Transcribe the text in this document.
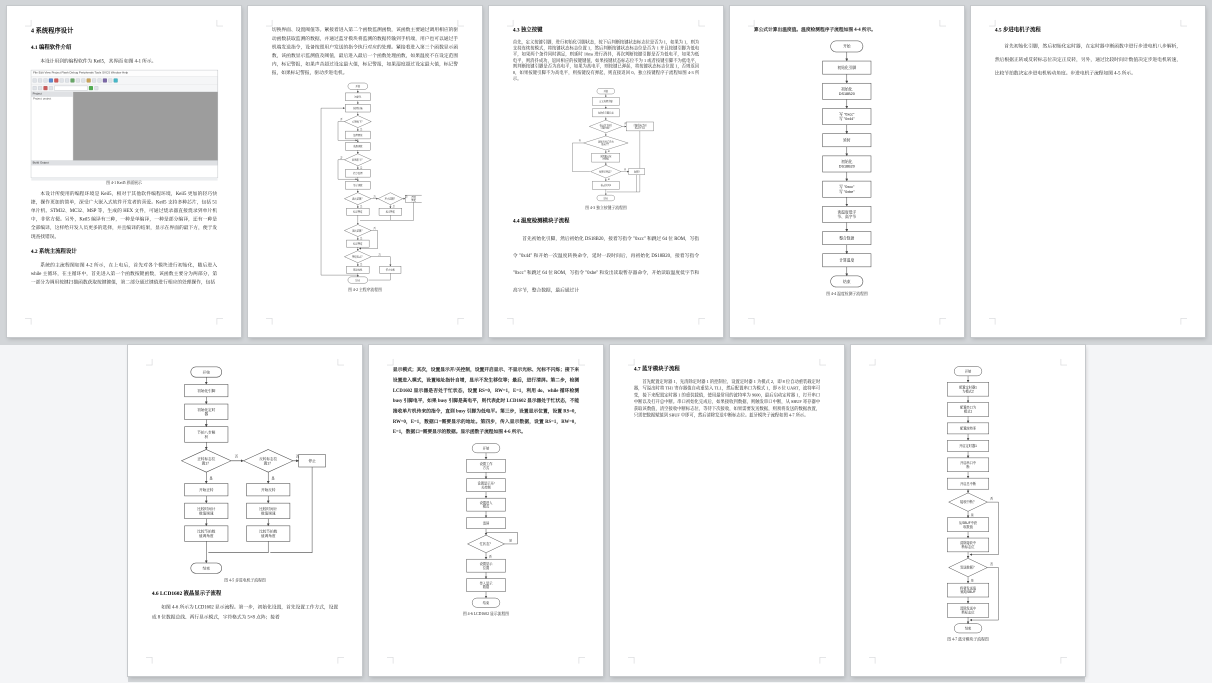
4 系统程序设计
4.1 编程软件介绍

本设计用到的编程软件为 Keil5，其界面 如图 4-1 所示。

File Edit View Project Flash Debug Peripherals Tools SVCS Window Help
Project
Project: project
Build Output
图 4-1 Keil5 界面展示

本设计所使用的编程环境是 Keil5，相对于其他软件编程环境，Keil5 更加的轻巧快捷，操作更加的简单，深受广大嵌入式软件开发者的喜爱。Keil5 支持多种芯片，包括 51 单片机、STM32、MC32、MSP 等，生成的 HEX 文件，可通过烧录器直接烧录到单片机中，非常方便。另外，Keil5 编译有三种，一种是单编译，一种是部分编译，还有一种是全部编译，这样给开发人员更多的选择，并且编译的结果，显示在界面的最下方，便于发现查找错误。

4.2 系统主流程设计

系统的主流程图如图 4-2 所示，在上电后，首先对各个模块进行初始化，随后进入 while 主循环，在主循环中，首先进入第一个函数按键函数，该函数主要分为两部分，第一部分为调用按键扫描函数获取按键键值，第二部分通过键值进行相应的处理操作，包括

切换界面、设置阈值等。紧接着进入第二个函数监测函数，该函数主要通过调用相应的驱动函数获取监测的数据，并通过蓝牙模块将监测的数据传输到手机端，用户也可以通过手机端发送指令，设备按照用户发送的指令执行对应的处理。紧接着进入第三个函数显示函数，该函数显示监测值及阈值，最后进入最后一个函数处理函数，如果温度不在设定范围内，标记警报，如果声音超过设定最大值，标记警报，如果湿度超过设定最大值，标记警报，如果标记警报，驱动步进电机。

开始
初始化
按键扫描
有键按下？
处理键值
监测函数
收到指令？
指令处理
显示函数
温度超限？
标记警报
声音超限？
标记警报
清除警报
湿度超限？
标记警报
警报标志？
驱动电机	停止电机
结束
否
是
否
是
否
是
否
是
否
是
否
是
图 4-2 主程序流程图
4.3 独立按键

首先，定义按键引脚，进行初始化引脚状态，按下后判断按键状态标志位是否为 1，如果为 1，则为支持连续按模式，将按键状态标志位置 1，然后判断按键状态标志位是否为 1 并且按键引脚为低电平，如果两个条件同时满足，则延时 10ms 进行消抖，再次判断按键引脚是否为低电平，如果为低电平，则消抖成功，返回相应的按键键值，如果按键状态标志位不为 1 或者按键引脚不为低电平，则判断按键引脚是否为高电平，如果为高电平，则按键已弹起，将按键状态标志位置 1，否则返回 0，如果按键引脚不为高电平，则按键没有弹起，则直接返回 0。独立按键程序子流程如图 4-3 所示。

开始
定义按键引脚
初始化引脚状态
标志位为1且引脚为低？
引脚高电平则标志位置1
延时消抖后仍为低电平？
返回相应按键键值
按键已弹起？
标志位置1
返回0
结束
否
是
否
是
否
图 4-3 独立按键子流程图
4.4 温度检测模块子流程

首先初始化引脚，然后初始化 DS18B20，接着写指令 "0xcc" 和跳过 64 位 ROM，写指令 "0x44" 和开始一次温度转换命令，延时一段时间后，再初始化 DS18B20，接着写指令 "0xcc" 和跳过 64 位 ROM，写指令 "0xbe" 和发出读取暂存器命令，开始读取温度低字节和高字节，整合数据，最后通过计

算公式计算出温度值。温度检测程序子流程如图 4-4 所示。

开始
初始化引脚
初始化 DS18B20
写 "0xcc"写 "0x44"
延时
初始化 DS18B20
写 "0xcc"写 "0xbe"
读温度低字节、高字节
整合数据
计算温度
结束
图 4-4 温度检测子流程图
4.5 步进电机子流程

首先初始化引脚，然后初始化定时器，在定时器中断函数中进行步进电机八步解析，然后根据正转或反转标志位决定正反转，另外，通过比较时间计数值决定步进电机转速，比较节拍数决定步进电机转动角度。步进电机子流程如图 4-5 所示。

开始
初始化引脚
初始化定时器
节拍八步解析
正转标志位置1？
反转标志位置1？
停止
开始正转	开始反转
比较时间计数值调速
比较时间计数值调速
比较节拍数值调角度
比较节拍数值调角度
结束
否
是
否
是
图 4-5 步进电机子流程图
4.6 LCD1602 液晶显示子流程

如图 4-6 所示为 LCD1602 显示流程。第一步，初始化设置，首先设置工作方式，设置成 8 位数据总线、两行显示模式，字符格式为 5×8 点阵；接着

显示模式；其次，设置显示开/关控制，设置开启显示、不显示光标、光标不闪烁；接下来设置进入模式，设置地址指针自增，显示不发生移位等；最后，进行清屏。第二步，检测 LCD1602 显示器是否处于忙状态，设置 RS=0，RW=1，E=1，利用 do、while 循环检测 busy 引脚电平，如果 busy 引脚是高电平，则代表此时 LCD1602 显示器处于忙状态，不能接收单片机传来的指令，直到 busy 引脚为低电平。第三步，设置显示位置，设置 RS=0，RW=0，E=1，数据口=需要显示的地址。第四步，传入显示数据，设置 RS=1，RW=0，E=1，数据口=需要显示的数据。显示函数子流程如图 4-6 所示。

开始
设置工作方式
设置显示开/关控制
设置进入模式
清屏
忙状态？
设置显示位置
传入显示数据
结束
是
否
图 4-6 LCD1602 显示流程图
4.7 蓝牙模块子流程

首先配置定时器 1，先清除定时器 1 的控制位，设置定时器 1 为模式 2，即 8 位自动重装载定时器，写溢出时将 TH1 寄存器值自动重装入 TL1，然后配置串口为模式 1，即 8 位 UART，波特率可变，接下来配置定时器 1 的重装载值，使用最常用的波特率为 9600，最后启动定时器 1，打开串口中断以及打开总中断。串口初始化完成后，如果接收到数据，则触发串口中断，从 SBUF 寄存器中获取该数值，清空接收中断标志位，等待下次接收，如果需要发送数据，则须将发送的数据放置，只需把数据赋值到 SBUF 中即可，然后清除发送中断标志位。蓝牙模块子流程如图 4-7 所示。

开始
配置定时器1 为模式2
配置串口为模式1
配置波特率
开启定时器1
开启串口中断
开启总中断
接收中断？
从SBUF中获取数值
清除接收中断标志位
发送数据？
将要发送值赋给SBUF
清除发送中断标志位
结束
否
是
否
是
图 4-7 蓝牙模块子流程图
